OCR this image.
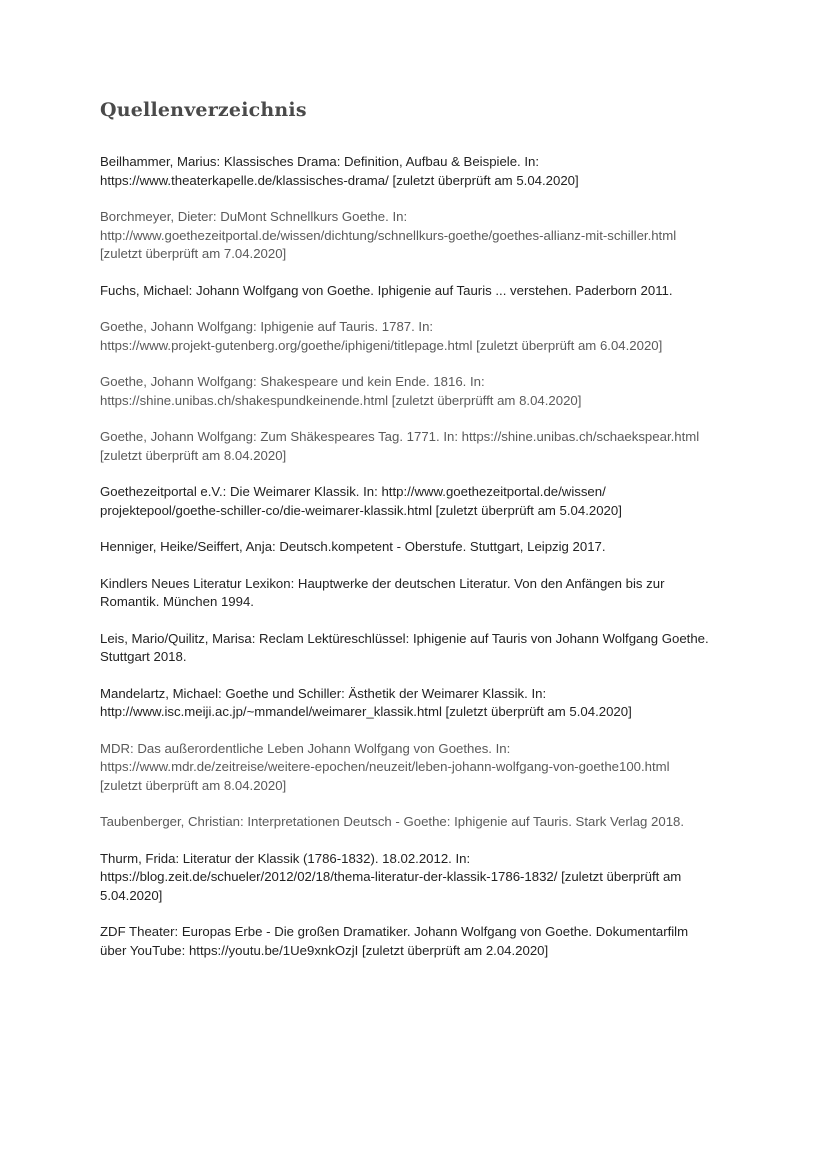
Quellenverzeichnis
Beilhammer, Marius: Klassisches Drama: Definition, Aufbau & Beispiele. In:
https://www.theaterkapelle.de/klassisches-drama/ [zuletzt überprüft am 5.04.2020]
Borchmeyer, Dieter: DuMont Schnellkurs Goethe. In:
http://www.goethezeitportal.de/wissen/dichtung/schnellkurs-goethe/goethes-allianz-mit-schiller.html
[zuletzt überprüft am 7.04.2020]
Fuchs, Michael: Johann Wolfgang von Goethe. Iphigenie auf Tauris ... verstehen. Paderborn 2011.
Goethe, Johann Wolfgang: Iphigenie auf Tauris. 1787. In:
https://www.projekt-gutenberg.org/goethe/iphigeni/titlepage.html [zuletzt überprüft am 6.04.2020]
Goethe, Johann Wolfgang: Shakespeare und kein Ende. 1816. In:
https://shine.unibas.ch/shakespundkeinende.html [zuletzt überprüfft am 8.04.2020]
Goethe, Johann Wolfgang: Zum Shäkespeares Tag. 1771. In: https://shine.unibas.ch/schaekspear.html
[zuletzt überprüft am 8.04.2020]
Goethezeitportal e.V.: Die Weimarer Klassik. In: http://www.goethezeitportal.de/wissen/
projektepool/goethe-schiller-co/die-weimarer-klassik.html [zuletzt überprüft am 5.04.2020]
Henniger, Heike/Seiffert, Anja: Deutsch.kompetent - Oberstufe. Stuttgart, Leipzig 2017.
Kindlers Neues Literatur Lexikon: Hauptwerke der deutschen Literatur. Von den Anfängen bis zur
Romantik. München 1994.
Leis, Mario/Quilitz, Marisa: Reclam Lektüreschlüssel: Iphigenie auf Tauris von Johann Wolfgang Goethe.
Stuttgart 2018.
Mandelartz, Michael: Goethe und Schiller: Ästhetik der Weimarer Klassik. In:
http://www.isc.meiji.ac.jp/~mmandel/weimarer_klassik.html [zuletzt überprüft am 5.04.2020]
MDR: Das außerordentliche Leben Johann Wolfgang von Goethes. In:
https://www.mdr.de/zeitreise/weitere-epochen/neuzeit/leben-johann-wolfgang-von-goethe100.html
[zuletzt überprüft am 8.04.2020]
Taubenberger, Christian: Interpretationen Deutsch - Goethe: Iphigenie auf Tauris. Stark Verlag 2018.
Thurm, Frida: Literatur der Klassik (1786-1832). 18.02.2012. In:
https://blog.zeit.de/schueler/2012/02/18/thema-literatur-der-klassik-1786-1832/ [zuletzt überprüft am
5.04.2020]
ZDF Theater: Europas Erbe - Die großen Dramatiker. Johann Wolfgang von Goethe. Dokumentarfilm
über YouTube: https://youtu.be/1Ue9xnkOzjI [zuletzt überprüft am 2.04.2020]
